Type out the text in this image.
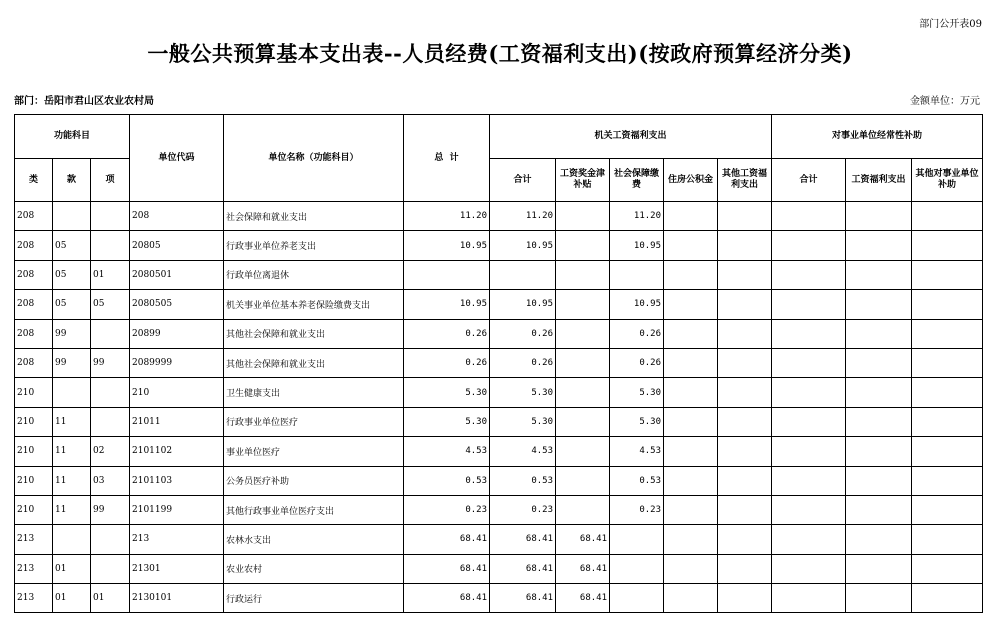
部门公开表09
一般公共预算基本支出表--人员经费(工资福利支出)(按政府预算经济分类)
部门：岳阳市君山区农业农村局	金额单位：万元
功能科目			单位代码	单位名称（功能科目）	总  计	机关工资福利支出					对事业单位经常性补助		
类	款	项				合计	工资奖金津补贴	社会保障缴费	住房公积金	其他工资福利支出	合计	工资福利支出	其他对事业单位补助
208			208	社会保障和就业支出	11.20	11.20		11.20					
208	05		20805	行政事业单位养老支出	10.95	10.95		10.95					
208	05	01	2080501	行政单位离退休									
208	05	05	2080505	机关事业单位基本养老保险缴费支出	10.95	10.95		10.95					
208	99		20899	其他社会保障和就业支出	0.26	0.26		0.26					
208	99	99	2089999	其他社会保障和就业支出	0.26	0.26		0.26					
210			210	卫生健康支出	5.30	5.30		5.30					
210	11		21011	行政事业单位医疗	5.30	5.30		5.30					
210	11	02	2101102	事业单位医疗	4.53	4.53		4.53					
210	11	03	2101103	公务员医疗补助	0.53	0.53		0.53					
210	11	99	2101199	其他行政事业单位医疗支出	0.23	0.23		0.23					
213			213	农林水支出	68.41	68.41	68.41						
213	01		21301	农业农村	68.41	68.41	68.41						
213	01	01	2130101	行政运行	68.41	68.41	68.41						
